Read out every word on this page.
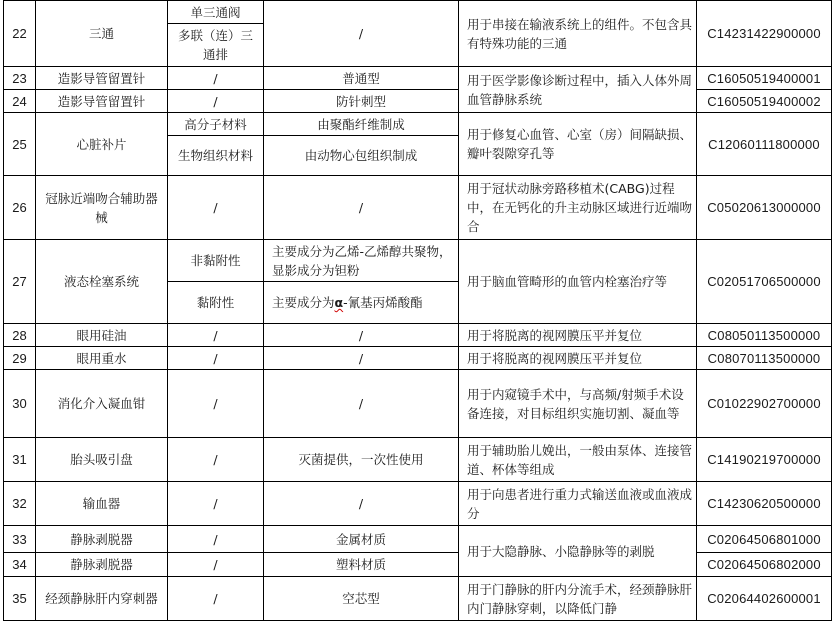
22	三通	单三通阀	/	用于串接在输液系统上的组件。不包含具有特殊功能的三通	C14231422900000
		多联（连）三通排			
23	造影导管留置针	/	普通型	用于医学影像诊断过程中，插入人体外周血管静脉系统	C16050519400001
24	造影导管留置针	/	防针刺型		C16050519400002
25	心脏补片	高分子材料	由聚酯纤维制成	用于修复心血管、心室（房）间隔缺损、瓣叶裂隙穿孔等	C12060111800000
		生物组织材料	由动物心包组织制成		
26	冠脉近端吻合辅助器械	/	/	用于冠状动脉旁路移植术(CABG)过程中，在无钙化的升主动脉区域进行近端吻合	C05020613000000
27	液态栓塞系统	非黏附性	主要成分为乙烯-乙烯醇共聚物，显影成分为钽粉	用于脑血管畸形的血管内栓塞治疗等	C02051706500000
		黏附性	主要成分为α-氰基丙烯酸酯		
28	眼用硅油	/	/	用于将脱离的视网膜压平并复位	C08050113500000
29	眼用重水	/	/	用于将脱离的视网膜压平并复位	C08070113500000
30	消化介入凝血钳	/	/	用于内窥镜手术中，与高频/射频手术设备连接，对目标组织实施切割、凝血等	C01022902700000
31	胎头吸引盘	/	灭菌提供，一次性使用	用于辅助胎儿娩出，一般由泵体、连接管道、杯体等组成	C14190219700000
32	输血器	/	/	用于向患者进行重力式输送血液或血液成分	C14230620500000
33	静脉剥脱器	/	金属材质	用于大隐静脉、小隐静脉等的剥脱	C02064506801000
34	静脉剥脱器	/	塑料材质		C02064506802000
35	经颈静脉肝内穿刺器	/	空芯型	用于门静脉的肝内分流手术，经颈静脉肝内门静脉穿刺，以降低门静	C02064402600001
